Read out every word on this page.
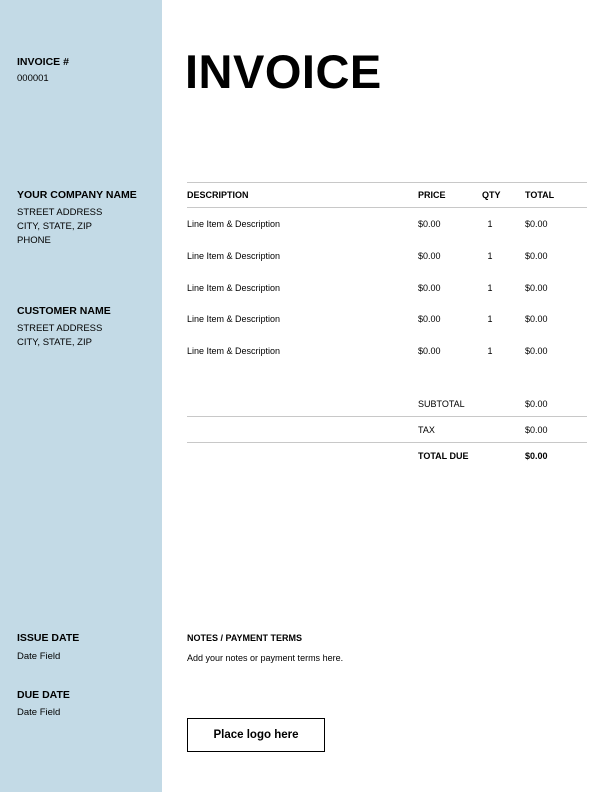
INVOICE #
000001
YOUR COMPANY NAME
STREET ADDRESS
CITY, STATE, ZIP
PHONE
CUSTOMER NAME
STREET ADDRESS
CITY, STATE, ZIP
ISSUE DATE
Date Field
DUE DATE
Date Field
INVOICE
DESCRIPTION	PRICE	QTY	TOTAL
Line Item & Description	$0.00	1	$0.00
Line Item & Description	$0.00	1	$0.00
Line Item & Description	$0.00	1	$0.00
Line Item & Description	$0.00	1	$0.00
Line Item & Description	$0.00	1	$0.00
SUBTOTAL	$0.00
TAX	$0.00
TOTAL DUE	$0.00
NOTES / PAYMENT TERMS
Add your notes or payment terms here.
Place logo here
